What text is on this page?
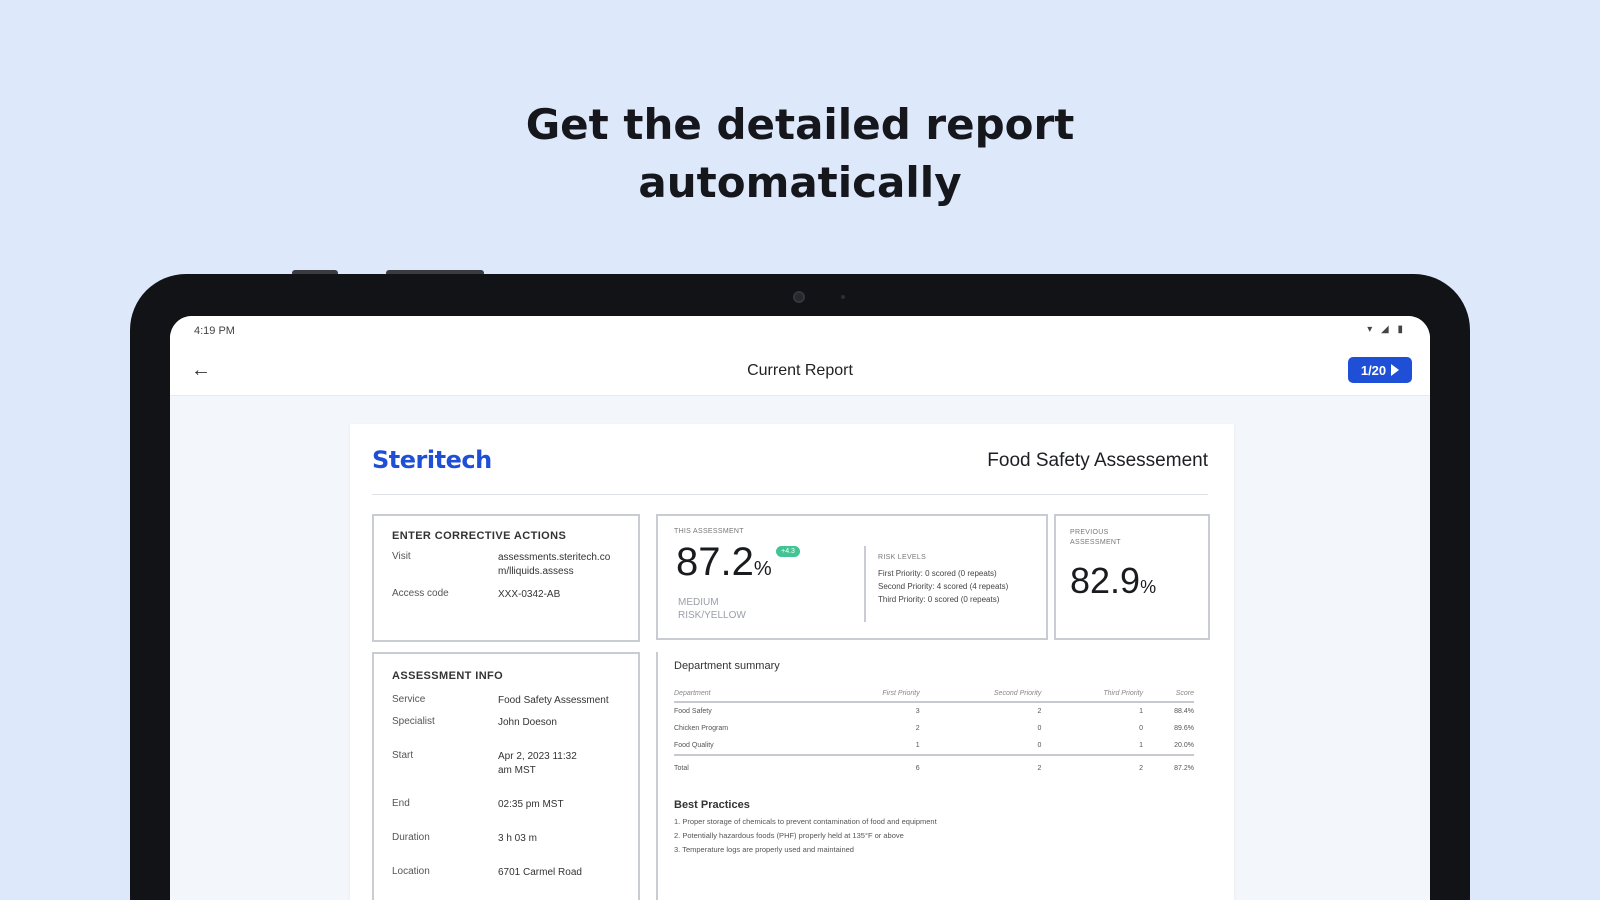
Get the detailed report
automatically
4:19 PM	▾ ◢ ▮
←	Current Report	1/20
Steritech	Food Safety Assessement
ENTER CORRECTIVE ACTIONS
Visit	assessments.steritech.com/lliquids.assess
Access code	XXX-0342-AB
THIS ASSESSMENT
87.2% +4.3
MEDIUM
RISK/YELLOW
RISK LEVELS
First Priority: 0 scored (0 repeats)
Second Priority: 4 scored (4 repeats)
Third Priority: 0 scored (0 repeats)
PREVIOUS
ASSESSMENT
82.9%
ASSESSMENT INFO
Service	Food Safety Assessment
Specialist	John Doeson
Start	Apr 2, 2023 11:32 am MST
End	02:35 pm MST
Duration	3 h 03 m
Location	6701 Carmel Road
Department summary
Department	First Priority	Second Priority	Third Priority	Score
Food Safety	3	2	1	88.4%
Chicken Program	2	0	0	89.6%
Food Quality	1	0	1	20.0%
Total	6	2	2	87.2%
Best Practices
1. Proper storage of chemicals to prevent contamination of food and equipment
2. Potentially hazardous foods (PHF) properly held at 135°F or above
3. Temperature logs are properly used and maintained
